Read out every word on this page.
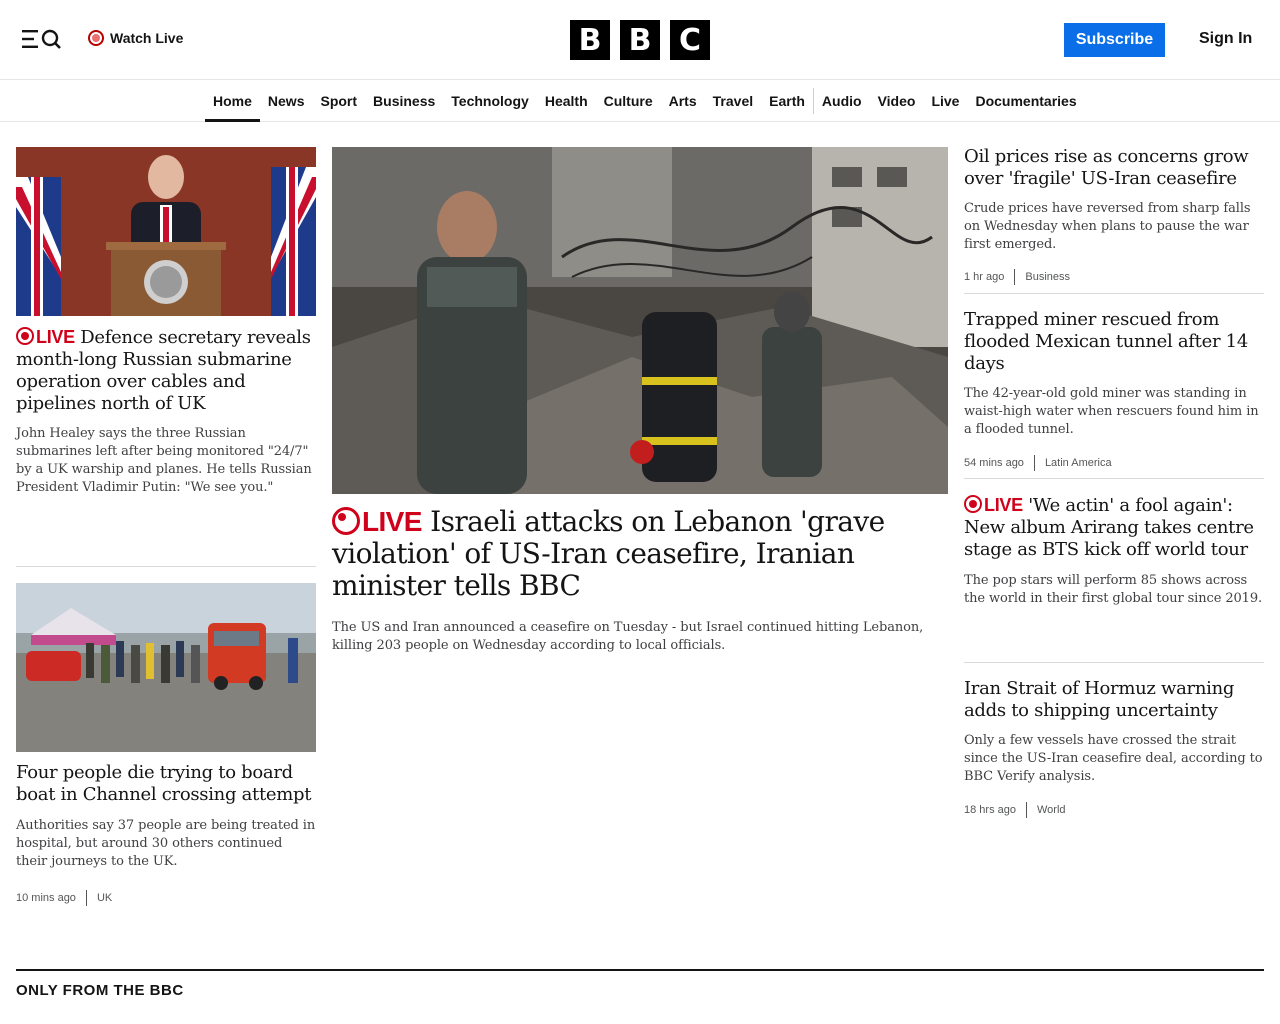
Watch Live	B B C	Subscribe	Sign In
Home	News	Sport	Business	Technology	Health	Culture	Arts	Travel	Earth	Audio	Video	Live	Documentaries
LIVE Defence secretary reveals month-long Russian submarine operation over cables and pipelines north of UK
John Healey says the three Russian submarines left after being monitored "24/7" by a UK warship and planes. He tells Russian President Vladimir Putin: "We see you."
Four people die trying to board boat in Channel crossing attempt
Authorities say 37 people are being treated in hospital, but around 30 others continued their journeys to the UK.
10 mins ago UK
LIVE Israeli attacks on Lebanon 'grave violation' of US-Iran ceasefire, Iranian minister tells BBC
The US and Iran announced a ceasefire on Tuesday - but Israel continued hitting Lebanon, killing 203 people on Wednesday according to local officials.
Oil prices rise as concerns grow over 'fragile' US-Iran ceasefire
Crude prices have reversed from sharp falls on Wednesday when plans to pause the war first emerged.
1 hr ago Business
Trapped miner rescued from flooded Mexican tunnel after 14 days
The 42-year-old gold miner was standing in waist-high water when rescuers found him in a flooded tunnel.
54 mins ago Latin America
LIVE 'We actin' a fool again': New album Arirang takes centre stage as BTS kick off world tour
The pop stars will perform 85 shows across the world in their first global tour since 2019.
Iran Strait of Hormuz warning adds to shipping uncertainty
Only a few vessels have crossed the strait since the US-Iran ceasefire deal, according to BBC Verify analysis.
18 hrs ago World
ONLY FROM THE BBC
